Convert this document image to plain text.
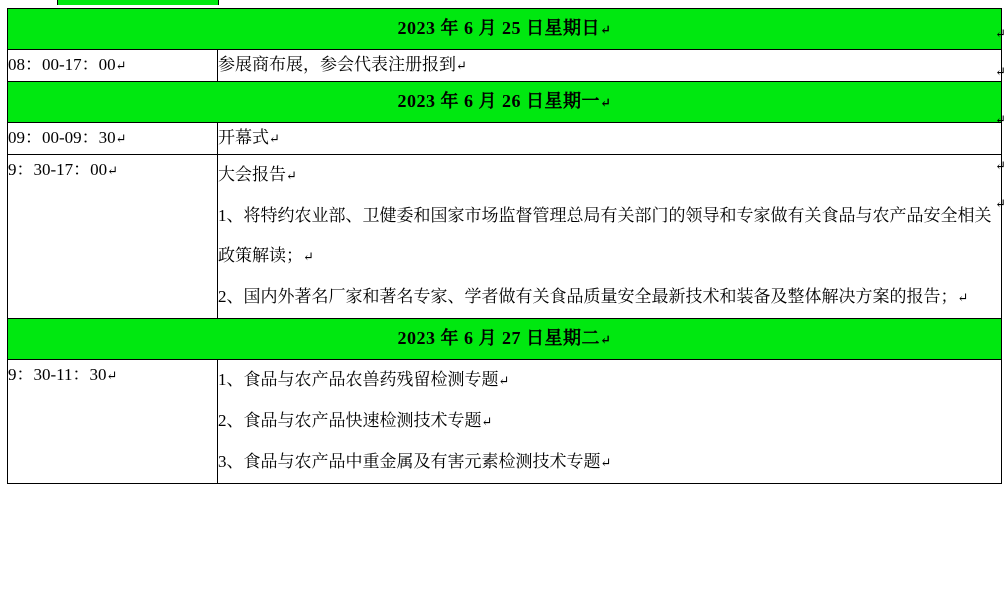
2023 年 6 月 25 日星期日↵	
08：00-17：00↵	参展商布展，参会代表注册报到↵

2023 年 6 月 26 日星期一↵	
09：00-09：30↵	开幕式↵

9：30-17：00↵	大会报告↵

1、将特约农业部、卫健委和国家市场监督管理总局有关部门的领导和专家做有关食品与农产品安全相关政策解读；↵

2、国内外著名厂家和著名专家、学者做有关食品质量安全最新技术和装备及整体解决方案的报告；↵

2023 年 6 月 27 日星期二↵	
9：30-11：30↵	1、食品与农产品农兽药残留检测专题↵

2、食品与农产品快速检测技术专题↵

3、食品与农产品中重金属及有害元素检测技术专题↵

↵
↵
↵
↵
↵
